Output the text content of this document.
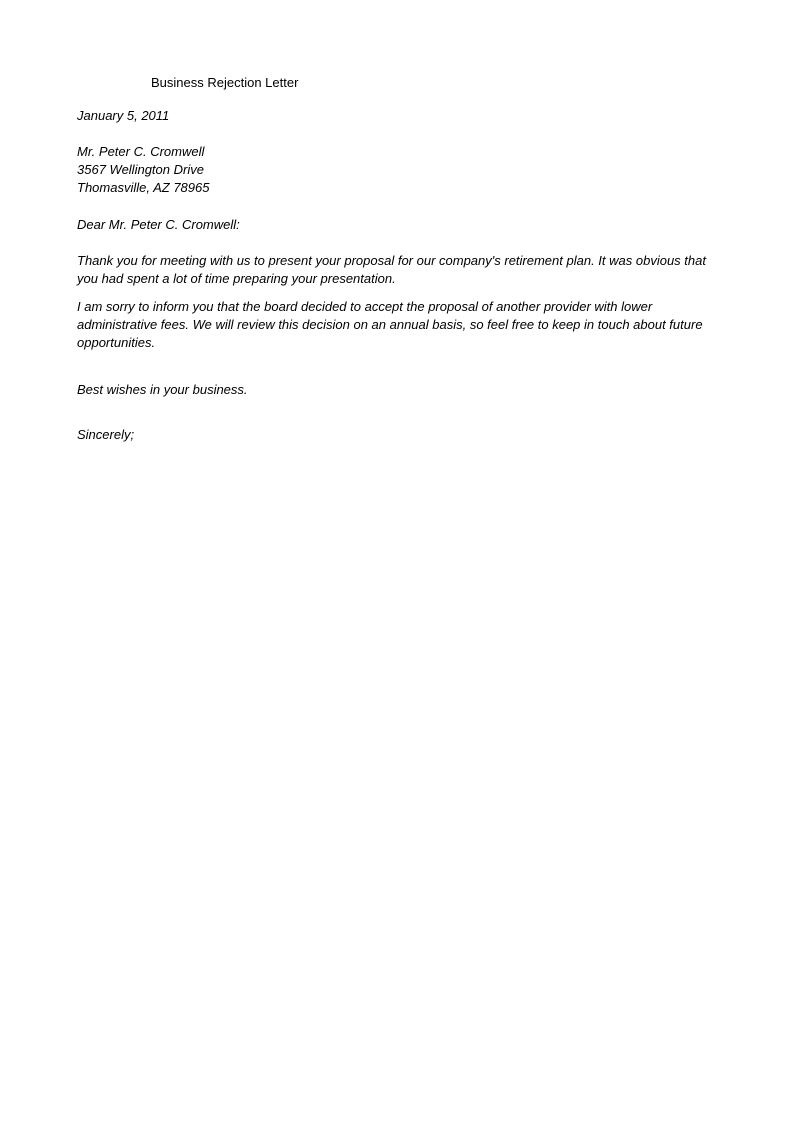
Business Rejection Letter
January 5, 2011
Mr. Peter C. Cromwell
3567 Wellington Drive
Thomasville, AZ 78965
Dear Mr. Peter C. Cromwell:
Thank you for meeting with us to present your proposal for our company's retirement plan. It was obvious that you had spent a lot of time preparing your presentation.
I am sorry to inform you that the board decided to accept the proposal of another provider with lower administrative fees. We will review this decision on an annual basis, so feel free to keep in touch about future opportunities.
Best wishes in your business.
Sincerely;
